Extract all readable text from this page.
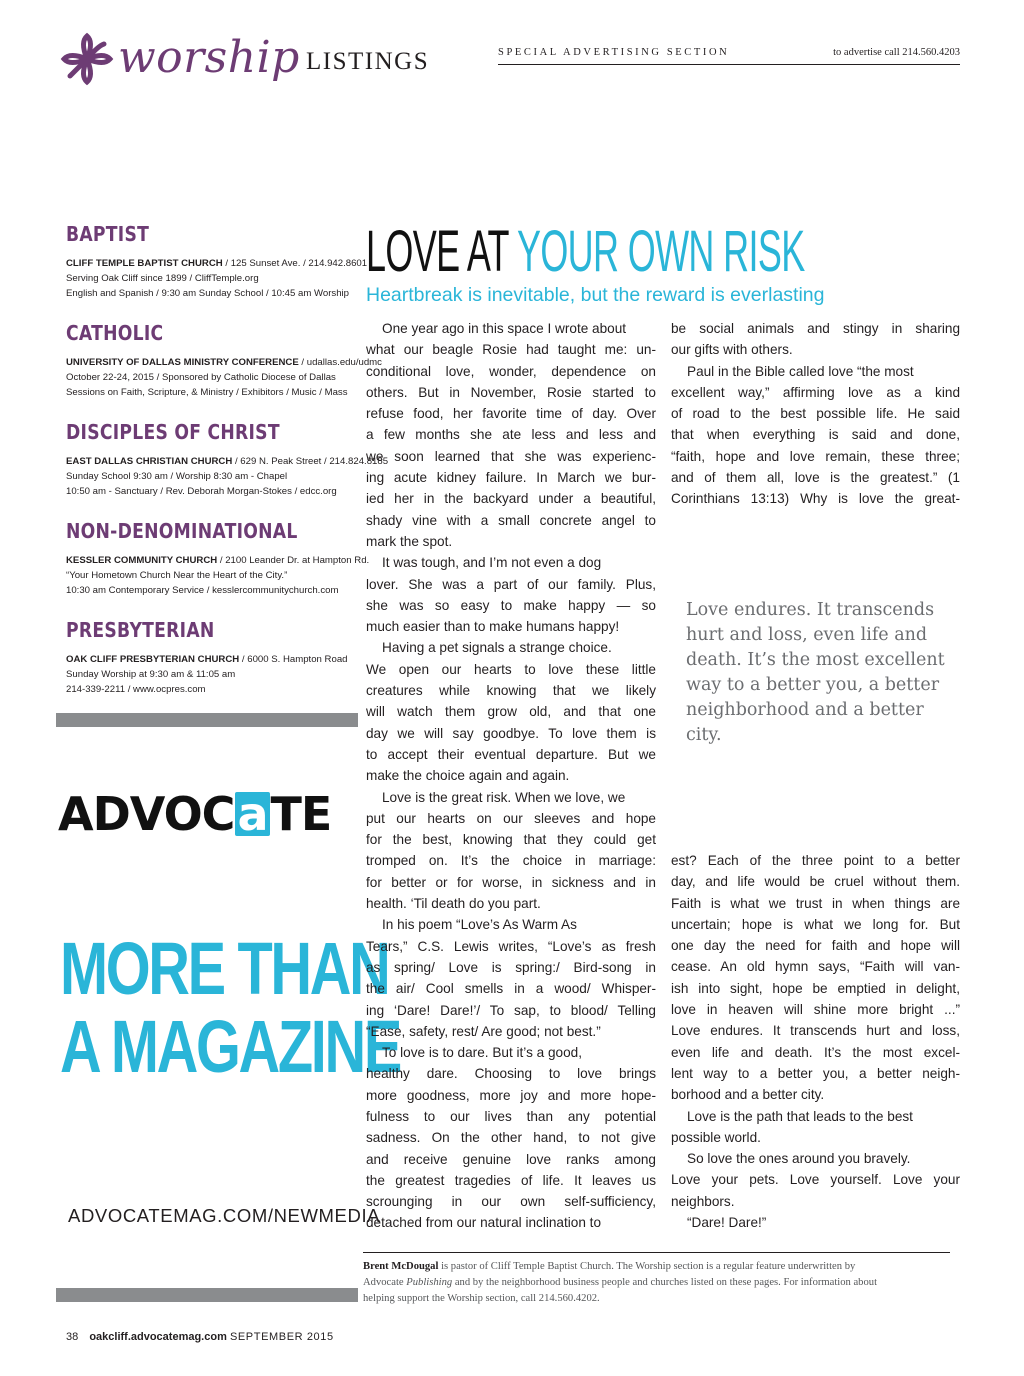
worship LISTINGS	SPECIAL ADVERTISING SECTION	to advertise call 214.560.4203
BAPTIST
CLIFF TEMPLE BAPTIST CHURCH / 125 Sunset Ave. / 214.942.8601
Serving Oak Cliff since 1899 / CliffTemple.org
English and Spanish / 9:30 am Sunday School / 10:45 am Worship
CATHOLIC
UNIVERSITY OF DALLAS MINISTRY CONFERENCE / udallas.edu/udmc
October 22-24, 2015 / Sponsored by Catholic Diocese of Dallas
Sessions on Faith, Scripture, & Ministry / Exhibitors / Music / Mass
DISCIPLES OF CHRIST
EAST DALLAS CHRISTIAN CHURCH / 629 N. Peak Street / 214.824.8185
Sunday School 9:30 am / Worship 8:30 am - Chapel
10:50 am - Sanctuary / Rev. Deborah Morgan-Stokes / edcc.org
NON-DENOMINATIONAL
KESSLER COMMUNITY CHURCH / 2100 Leander Dr. at Hampton Rd.
“Your Hometown Church Near the Heart of the City.”
10:30 am Contemporary Service / kesslercommunitychurch.com
PRESBYTERIAN
OAK CLIFF PRESBYTERIAN CHURCH / 6000 S. Hampton Road
Sunday Worship at 9:30 am & 11:05 am
214-339-2211 / www.ocpres.com
ADVOCaTE
MORE THAN
A MAGAZINE
ADVOCATEMAG.COM/NEWMEDIA
LOVE AT YOUR OWN RISK
Heartbreak is inevitable, but the reward is everlasting
One year ago in this space I wrote about
what our beagle Rosie had taught me: un-
conditional love, wonder, dependence on
others. But in November, Rosie started to
refuse food, her favorite time of day. Over
a few months she ate less and less and
we soon learned that she was experienc-
ing acute kidney failure. In March we bur-
ied her in the backyard under a beautiful,
shady vine with a small concrete angel to
mark the spot.
It was tough, and I’m not even a dog
lover. She was a part of our family. Plus,
she was so easy to make happy — so
much easier than to make humans happy!
Having a pet signals a strange choice.
We open our hearts to love these little
creatures while knowing that we likely
will watch them grow old, and that one
day we will say goodbye. To love them is
to accept their eventual departure. But we
make the choice again and again.
Love is the great risk. When we love, we
put our hearts on our sleeves and hope
for the best, knowing that they could get
tromped on. It’s the choice in marriage:
for better or for worse, in sickness and in
health. ‘Til death do you part.
In his poem “Love’s As Warm As
Tears,” C.S. Lewis writes, “Love’s as fresh
as spring/ Love is spring:/ Bird-song in
the air/ Cool smells in a wood/ Whisper-
ing ‘Dare! Dare!’/ To sap, to blood/ Telling
“Ease, safety, rest/ Are good; not best.”
To love is to dare. But it’s a good,
healthy dare. Choosing to love brings
more goodness, more joy and more hope-
fulness to our lives than any potential
sadness. On the other hand, to not give
and receive genuine love ranks among
the greatest tragedies of life. It leaves us
scrounging in our own self-sufficiency,
detached from our natural inclination to
be social animals and stingy in sharing
our gifts with others.
Paul in the Bible called love “the most
excellent way,” affirming love as a kind
of road to the best possible life. He said
that when everything is said and done,
“faith, hope and love remain, these three;
and of them all, love is the greatest.” (1
Corinthians 13:13) Why is love the great-
est? Each of the three point to a better
day, and life would be cruel without them.
Faith is what we trust in when things are
uncertain; hope is what we long for. But
one day the need for faith and hope will
cease. An old hymn says, “Faith will van-
ish into sight, hope be emptied in delight,
love in heaven will shine more bright ...”
Love endures. It transcends hurt and loss,
even life and death. It’s the most excel-
lent way to a better you, a better neigh-
borhood and a better city.
Love is the path that leads to the best
possible world.
So love the ones around you bravely.
Love your pets. Love yourself. Love your
neighbors.
“Dare! Dare!”
Love endures. It transcends
hurt and loss, even life and
death. It’s the most excellent
way to a better you, a better
neighborhood and a better
city.
Brent McDougal is pastor of Cliff Temple Baptist Church. The Worship section is a regular feature underwritten by
Advocate Publishing and by the neighborhood business people and churches listed on these pages. For information about
helping support the Worship section, call 214.560.4202.
38 oakcliff.advocatemag.com SEPTEMBER 2015
